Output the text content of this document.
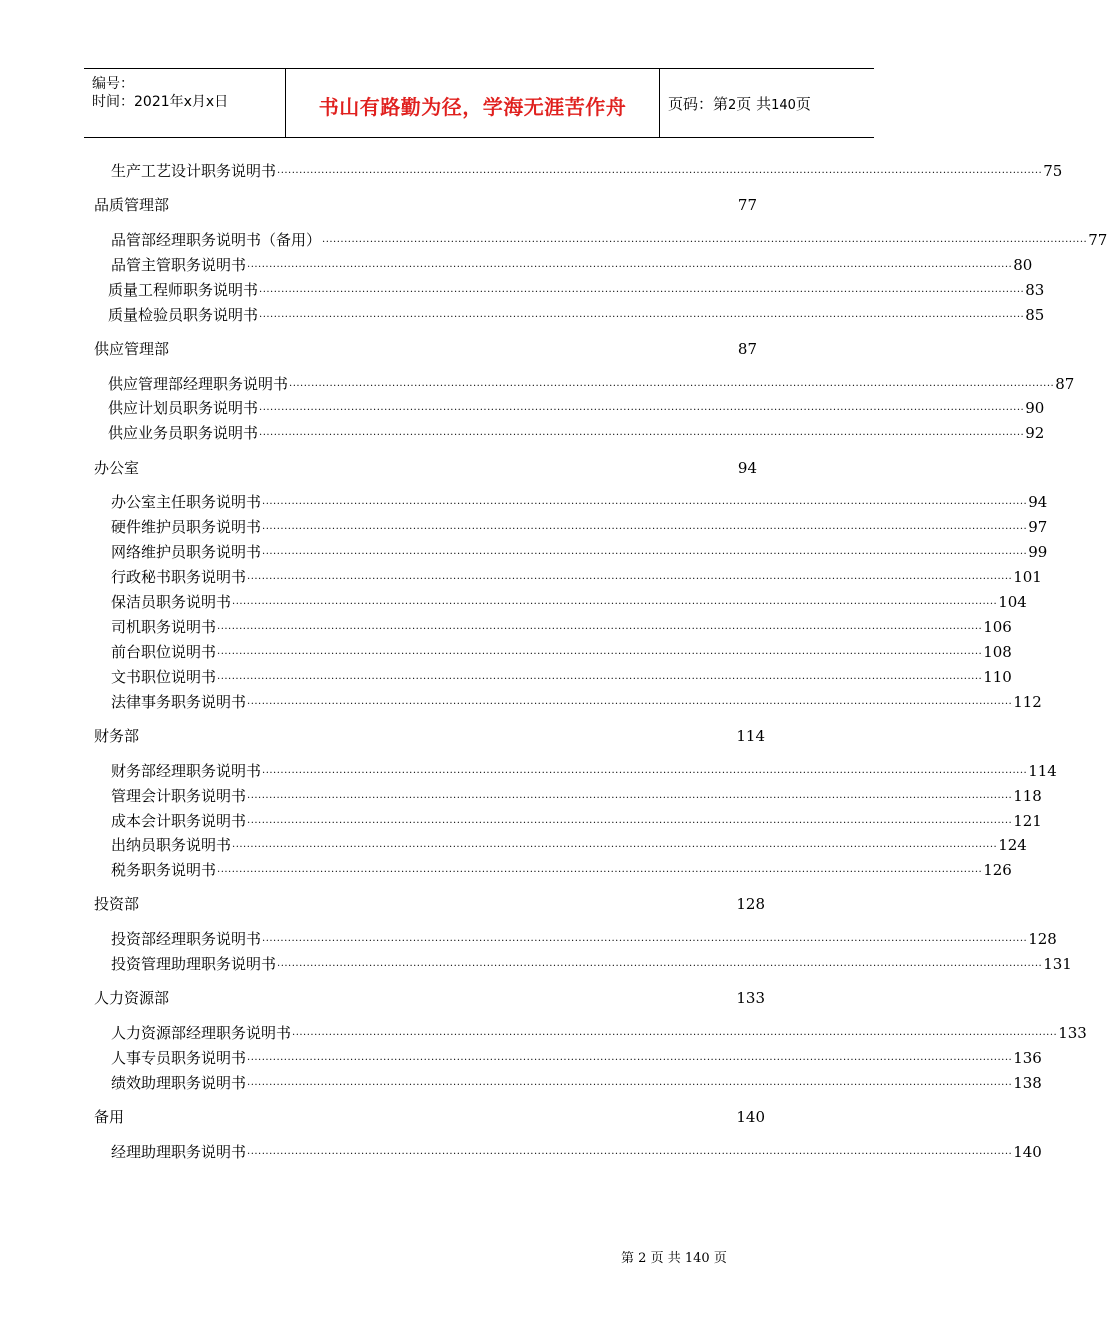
编号：
时间：2021年x月x日	书山有路勤为径，学海无涯苦作舟	页码：第2页 共140页
生产工艺设计职务说明书 ................................................................................................................................................................................................................ 75
品质管理部	77
品管部经理职务说明书（备用） ................................................................................................................................................................................................................ 77
品管主管职务说明书 ................................................................................................................................................................................................................ 80
质量工程师职务说明书 ................................................................................................................................................................................................................ 83
质量检验员职务说明书 ................................................................................................................................................................................................................ 85
供应管理部	87
供应管理部经理职务说明书 ................................................................................................................................................................................................................ 87
供应计划员职务说明书 ................................................................................................................................................................................................................ 90
供应业务员职务说明书 ................................................................................................................................................................................................................ 92
办公室	94
办公室主任职务说明书 ................................................................................................................................................................................................................ 94
硬件维护员职务说明书 ................................................................................................................................................................................................................ 97
网络维护员职务说明书 ................................................................................................................................................................................................................ 99
行政秘书职务说明书 ................................................................................................................................................................................................................ 101
保洁员职务说明书 ................................................................................................................................................................................................................ 104
司机职务说明书 ................................................................................................................................................................................................................ 106
前台职位说明书 ................................................................................................................................................................................................................ 108
文书职位说明书 ................................................................................................................................................................................................................ 110
法律事务职务说明书 ................................................................................................................................................................................................................ 112
财务部	114
财务部经理职务说明书 ................................................................................................................................................................................................................ 114
管理会计职务说明书 ................................................................................................................................................................................................................ 118
成本会计职务说明书 ................................................................................................................................................................................................................ 121
出纳员职务说明书 ................................................................................................................................................................................................................ 124
税务职务说明书 ................................................................................................................................................................................................................ 126
投资部	128
投资部经理职务说明书 ................................................................................................................................................................................................................ 128
投资管理助理职务说明书 ................................................................................................................................................................................................................ 131
人力资源部	133
人力资源部经理职务说明书 ................................................................................................................................................................................................................ 133
人事专员职务说明书 ................................................................................................................................................................................................................ 136
绩效助理职务说明书 ................................................................................................................................................................................................................ 138
备用	140
经理助理职务说明书 ................................................................................................................................................................................................................ 140
第 2 页 共 140 页
